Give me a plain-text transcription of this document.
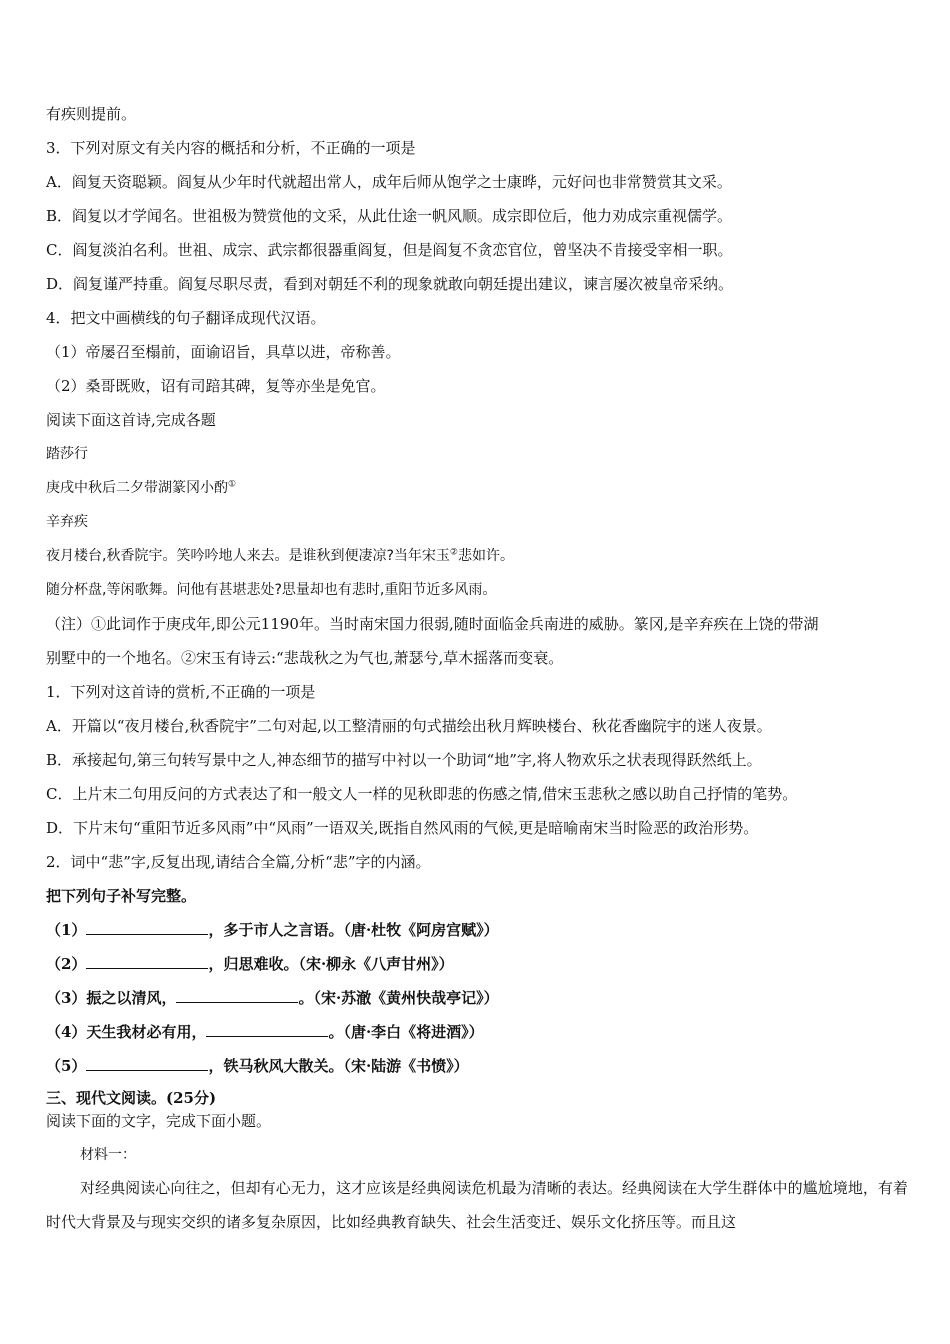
有疾则提前。
3．下列对原文有关内容的概括和分析，不正确的一项是
A．阎复天资聪颖。阎复从少年时代就超出常人，成年后师从饱学之士康晔，元好问也非常赞赏其文采。
B．阎复以才学闻名。世祖极为赞赏他的文采，从此仕途一帆风顺。成宗即位后，他力劝成宗重视儒学。
C．阎复淡泊名利。世祖、成宗、武宗都很器重阎复，但是阎复不贪恋官位，曾坚决不肯接受宰相一职。
D．阎复谨严持重。阎复尽职尽责，看到对朝廷不利的现象就敢向朝廷提出建议，谏言屡次被皇帝采纳。
4．把文中画横线的句子翻译成现代汉语。
（1）帝屡召至榻前，面谕诏旨，具草以进，帝称善。
（2）桑哥既败，诏有司踣其碑，复等亦坐是免官。
阅读下面这首诗,完成各题
踏莎行
庚戌中秋后二夕带湖篆冈小酌①
辛弃疾
夜月楼台,秋香院宇。笑吟吟地人来去。是谁秋到便凄凉?当年宋玉②悲如许。
随分杯盘,等闲歌舞。问他有甚堪悲处?思量却也有悲时,重阳节近多风雨。
（注）①此词作于庚戌年,即公元1190年。当时南宋国力很弱,随时面临金兵南进的威胁。篆冈,是辛弃疾在上饶的带湖
别墅中的一个地名。②宋玉有诗云:“悲哉秋之为气也,萧瑟兮,草木摇落而变衰。
1．下列对这首诗的赏析,不正确的一项是
A．开篇以“夜月楼台,秋香院宇”二句对起,以工整清丽的句式描绘出秋月辉映楼台、秋花香幽院宇的迷人夜景。
B．承接起句,第三句转写景中之人,神态细节的描写中衬以一个助词“地”字,将人物欢乐之状表现得跃然纸上。
C．上片末二句用反问的方式表达了和一般文人一样的见秋即悲的伤感之情,借宋玉悲秋之感以助自己抒情的笔势。
D．下片末句“重阳节近多风雨”中“风雨”一语双关,既指自然风雨的气候,更是暗喻南宋当时险恶的政治形势。
2．词中“悲”字,反复出现,请结合全篇,分析“悲”字的内涵。
把下列句子补写完整。
（1）	，多于市人之言语。（唐·杜牧《阿房宫赋》）
（2）	，归思难收。（宋·柳永《八声甘州》）
（3）振之以清风，	。（宋·苏澈《黄州快哉亭记》）
（4）天生我材必有用，	。（唐·李白《将进酒》）
（5）	，铁马秋风大散关。（宋·陆游《书愤》）
三、现代文阅读。(25分)
阅读下面的文字，完成下面小题。
材料一：
对经典阅读心向往之，但却有心无力，这才应该是经典阅读危机最为清晰的表达。经典阅读在大学生群体中的尴尬境地，有着时代大背景及与现实交织的诸多复杂原因，比如经典教育缺失、社会生活变迁、娱乐文化挤压等。而且这
